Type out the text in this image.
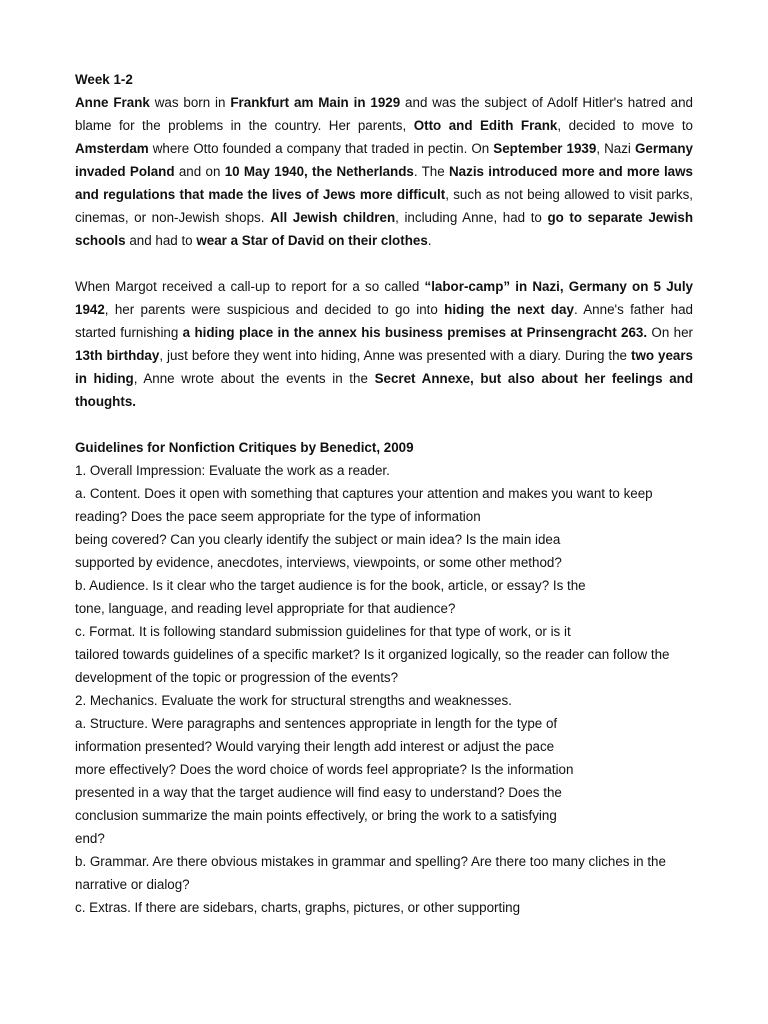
Week 1-2

Anne Frank was born in Frankfurt am Main in 1929 and was the subject of Adolf Hitler's hatred and blame for the problems in the country. Her parents, Otto and Edith Frank, decided to move to Amsterdam where Otto founded a company that traded in pectin. On September 1939, Nazi Germany invaded Poland and on 10 May 1940, the Netherlands. The Nazis introduced more and more laws and regulations that made the lives of Jews more difficult, such as not being allowed to visit parks, cinemas, or non-Jewish shops. All Jewish children, including Anne, had to go to separate Jewish schools and had to wear a Star of David on their clothes.

When Margot received a call-up to report for a so called “labor-camp” in Nazi, Germany on 5 July 1942, her parents were suspicious and decided to go into hiding the next day. Anne's father had started furnishing a hiding place in the annex his business premises at Prinsengracht 263. On her 13th birthday, just before they went into hiding, Anne was presented with a diary. During the two years in hiding, Anne wrote about the events in the Secret Annexe, but also about her feelings and thoughts.

Guidelines for Nonfiction Critiques by Benedict, 2009
1. Overall Impression: Evaluate the work as a reader.
a. Content. Does it open with something that captures your attention and makes you want to keep reading? Does the pace seem appropriate for the type of information
being covered? Can you clearly identify the subject or main idea? Is the main idea
supported by evidence, anecdotes, interviews, viewpoints, or some other method?
b. Audience. Is it clear who the target audience is for the book, article, or essay? Is the
tone, language, and reading level appropriate for that audience?
c. Format. It is following standard submission guidelines for that type of work, or is it
tailored towards guidelines of a specific market? Is it organized logically, so the reader can follow the development of the topic or progression of the events?
2. Mechanics. Evaluate the work for structural strengths and weaknesses.
a. Structure. Were paragraphs and sentences appropriate in length for the type of
information presented? Would varying their length add interest or adjust the pace
more effectively? Does the word choice of words feel appropriate? Is the information
presented in a way that the target audience will find easy to understand? Does the
conclusion summarize the main points effectively, or bring the work to a satisfying
end?
b. Grammar. Are there obvious mistakes in grammar and spelling? Are there too many cliches in the narrative or dialog?
c. Extras. If there are sidebars, charts, graphs, pictures, or other supporting
